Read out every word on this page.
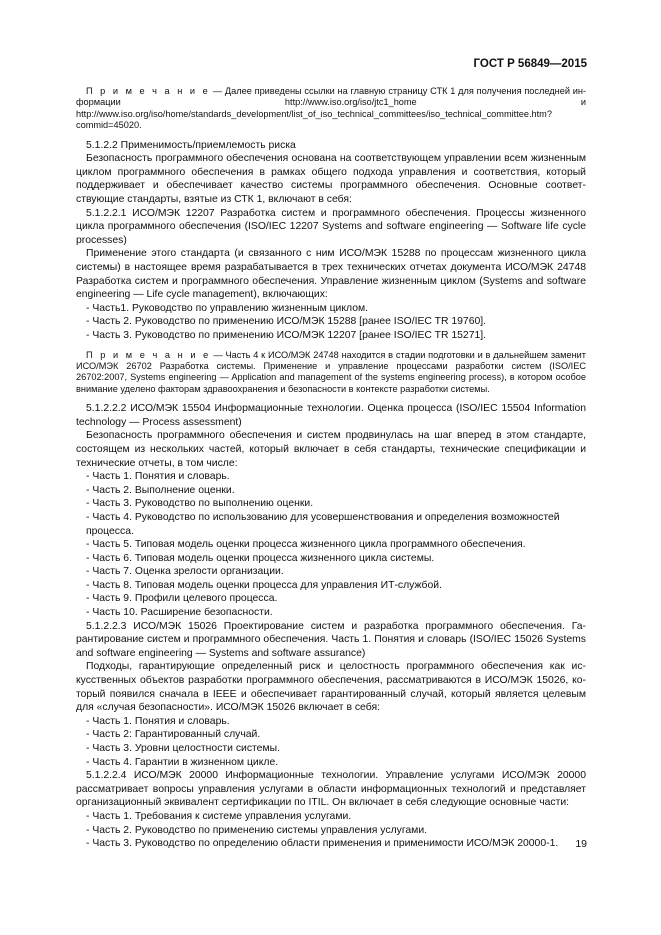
ГОСТ Р 56849—2015

П р и м е ч а н и е — Далее приведены ссылки на главную страницу СТК 1 для получения последней информации http://www.iso.org/iso/jtc1_home и http://www.iso.org/iso/home/standards_development/list_of_iso_technical_committees/iso_technical_committee.htm?commid=45020.

5.1.2.2 Применимость/приемлемость риска

Безопасность программного обеспечения основана на соответствующем управлении всем жизненным циклом программного обеспечения в рамках общего подхода управления и соответствия, который поддерживает и обеспечивает качество системы программного обеспечения. Основные соответствующие стандарты, взятые из СТК 1, включают в себя:

5.1.2.2.1 ИСО/МЭК 12207 Разработка систем и программного обеспечения. Процессы жизненного цикла программного обеспечения (ISO/IEC 12207 Systems and software engineering — Software life cycle processes)

Применение этого стандарта (и связанного с ним ИСО/МЭК 15288 по процессам жизненного цикла системы) в настоящее время разрабатывается в трех технических отчетах документа ИСО/МЭК 24748 Разработка систем и программного обеспечения. Управление жизненным циклом (Systems and software engineering — Life cycle management), включающих:

- Часть1. Руководство по управлению жизненным циклом.

- Часть 2. Руководство по применению ИСО/МЭК 15288 [ранее ISO/IEC TR 19760].

- Часть 3. Руководство по применению ИСО/МЭК 12207 [ранее ISO/IEC TR 15271].

П р и м е ч а н и е — Часть 4 к ИСО/МЭК 24748 находится в стадии подготовки и в дальнейшем заменит ИСО/МЭК 26702 Разработка системы. Применение и управление процессами разработки систем (ISO/IEC 26702:2007, Systems engineering — Application and management of the systems engineering process), в котором особое внимание уделено факторам здравоохранения и безопасности в контексте разработки системы.

5.1.2.2.2 ИСО/МЭК 15504 Информационные технологии. Оценка процесса (ISO/IEC 15504 Information technology — Process assessment)

Безопасность программного обеспечения и систем продвинулась на шаг вперед в этом стандарте, состоящем из нескольких частей, который включает в себя стандарты, технические спецификации и технические отчеты, в том числе:

- Часть 1. Понятия и словарь.

- Часть 2. Выполнение оценки.

- Часть 3. Руководство по выполнению оценки.

- Часть 4. Руководство по использованию для усовершенствования и определения возможностей процесса.

- Часть 5. Типовая модель оценки процесса жизненного цикла программного обеспечения.

- Часть 6. Типовая модель оценки процесса жизненного цикла системы.

- Часть 7. Оценка зрелости организации.

- Часть 8. Типовая модель оценки процесса для управления ИТ-службой.

- Часть 9. Профили целевого процесса.

- Часть 10. Расширение безопасности.

5.1.2.2.3 ИСО/МЭК 15026 Проектирование систем и разработка программного обеспечения. Гарантирование систем и программного обеспечения. Часть 1. Понятия и словарь (ISO/IEC 15026 Systems and software engineering — Systems and software assurance)

Подходы, гарантирующие определенный риск и целостность программного обеспечения как искусственных объектов разработки программного обеспечения, рассматриваются в ИСО/МЭК 15026, который появился сначала в IEEE и обеспечивает гарантированный случай, который является целевым для «случая безопасности». ИСО/МЭК 15026 включает в себя:

- Часть 1. Понятия и словарь.

- Часть 2: Гарантированный случай.

- Часть 3. Уровни целостности системы.

- Часть 4. Гарантии в жизненном цикле.

5.1.2.2.4 ИСО/МЭК 20000 Информационные технологии. Управление услугами ИСО/МЭК 20000 рассматривает вопросы управления услугами в области информационных технологий и представляет организационный эквивалент сертификации по ITIL. Он включает в себя следующие основные части:

- Часть 1. Требования к системе управления услугами.

- Часть 2. Руководство по применению системы управления услугами.

- Часть 3. Руководство по определению области применения и применимости ИСО/МЭК 20000-1.	19
